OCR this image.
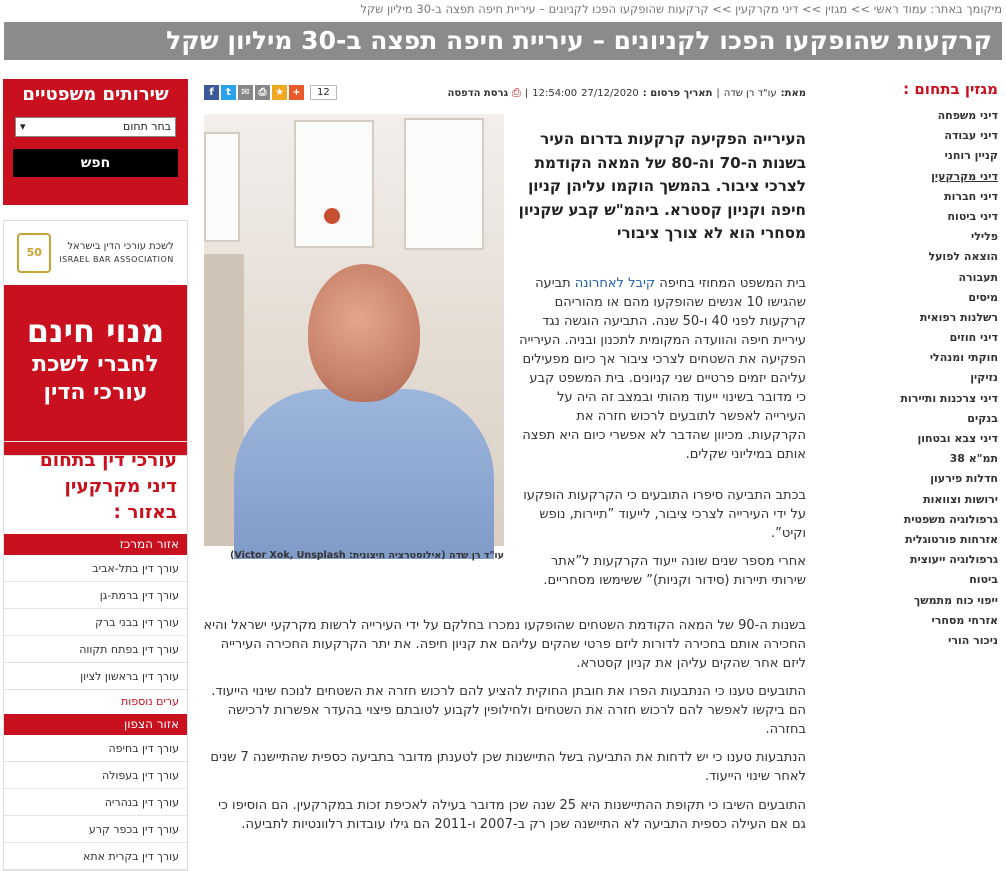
מיקומך באתר: עמוד ראשי >> מגזין >> דיני מקרקעין >> קרקעות שהופקעו הפכו לקניונים – עיריית חיפה תפצה ב-30 מיליון שקל
קרקעות שהופקעו הפכו לקניונים – עיריית חיפה תפצה ב-30 מיליון שקל
מגזין בתחום :
דיני משפחה
דיני עבודה
קניין רוחני
דיני מקרקעין
דיני חברות
דיני ביטוח
פלילי
הוצאה לפועל
תעבורה
מיסים
רשלנות רפואית
דיני חוזים
חוקתי ומנהלי
נזיקין
דיני צרכנות ותיירות
בנקים
דיני צבא ובטחון
תמ"א 38
חדלות פירעון
ירושות וצוואות
גרפולוגיה משפטית
אזרחות פורטוגלית
גרפולוגיה ייעוצית
ביטוח
ייפוי כוח מתמשך
אזרחי מסחרי
ניכור הורי
מאת:
עו"ד רן שדה
|
תאריך פרסום :
27/12/2020
12:54:00
|
⎙
גרסת הדפסה
f	t	✉ ⎙ ★ +	12
עו"ד רן שדה (אילוסטרציה חיצונית: Victor Xok, Unsplash)
העירייה הפקיעה קרקעות בדרום העיר בשנות ה-70 וה-80 של המאה הקודמת לצרכי ציבור. בהמשך הוקמו עליהן קניון חיפה וקניון קסטרא. ביהמ"ש קבע שקניון מסחרי הוא לא צורך ציבורי
בית המשפט המחוזי בחיפה קיבל לאחרונה תביעה שהגישו 10 אנשים שהופקעו מהם או מהוריהם קרקעות לפני 40 ו-50 שנה. התביעה הוגשה נגד עיריית חיפה והוועדה המקומית לתכנון ובניה. העירייה הפקיעה את השטחים לצרכי ציבור אך כיום מפעילים עליהם יזמים פרטיים שני קניונים. בית המשפט קבע כי מדובר בשינוי ייעוד מהותי ובמצב זה היה על העירייה לאפשר לתובעים לרכוש חזרה את הקרקעות. מכיוון שהדבר לא אפשרי כיום היא תפצה אותם במיליוני שקלים.
בכתב התביעה סיפרו התובעים כי הקרקעות הופקעו על ידי העירייה לצרכי ציבור, לייעוד ”תיירות, נופש וקיט”.
אחרי מספר שנים שונה ייעוד הקרקעות ל”אתר שירותי תיירות (סידור וקניות)” ששימשו מסחריים.
בשנות ה-90 של המאה הקודמת השטחים שהופקעו נמכרו בחלקם על ידי העירייה לרשות מקרקעי ישראל והיא החכירה אותם בחכירה לדורות ליזם פרטי שהקים עליהם את קניון חיפה. את יתר הקרקעות החכירה העירייה ליזם אחר שהקים עליהן את קניון קסטרא.
התובעים טענו כי הנתבעות הפרו את חובתן החוקית להציע להם לרכוש חזרה את השטחים לנוכח שינוי הייעוד. הם ביקשו לאפשר להם לרכוש חזרה את השטחים ולחילופין לקבוע לטובתם פיצוי בהעדר אפשרות לרכישה בחזרה.
הנתבעות טענו כי יש לדחות את התביעה בשל התיישנות שכן לטענתן מדובר בתביעה כספית שהתיישנה 7 שנים לאחר שינוי הייעוד.
התובעים השיבו כי תקופת ההתיישנות היא 25 שנה שכן מדובר בעילה לאכיפת זכות במקרקעין. הם הוסיפו כי גם אם העילה כספית התביעה לא התיישנה שכן רק ב-2007 ו-2011 הם גילו עובדות רלוונטיות לתביעה.
שירותים משפטיים
בחר תחום
▾
חפש
לשכת עורכי הדין בישראל
ISRAEL BAR ASSOCIATION
50
מנוי חינם
לחברי לשכת
עורכי הדין
עורכי דין בתחום דיני מקרקעין באזור :
אזור המרכז
עורך דין בתל-אביב
עורך דין ברמת-גן
עורך דין בבני ברק
עורך דין בפתח תקווה
עורך דין בראשון לציון
ערים נוספות
אזור הצפון
עורך דין בחיפה
עורך דין בעפולה
עורך דין בנהריה
עורך דין בכפר קרע
עורך דין בקרית אתא
